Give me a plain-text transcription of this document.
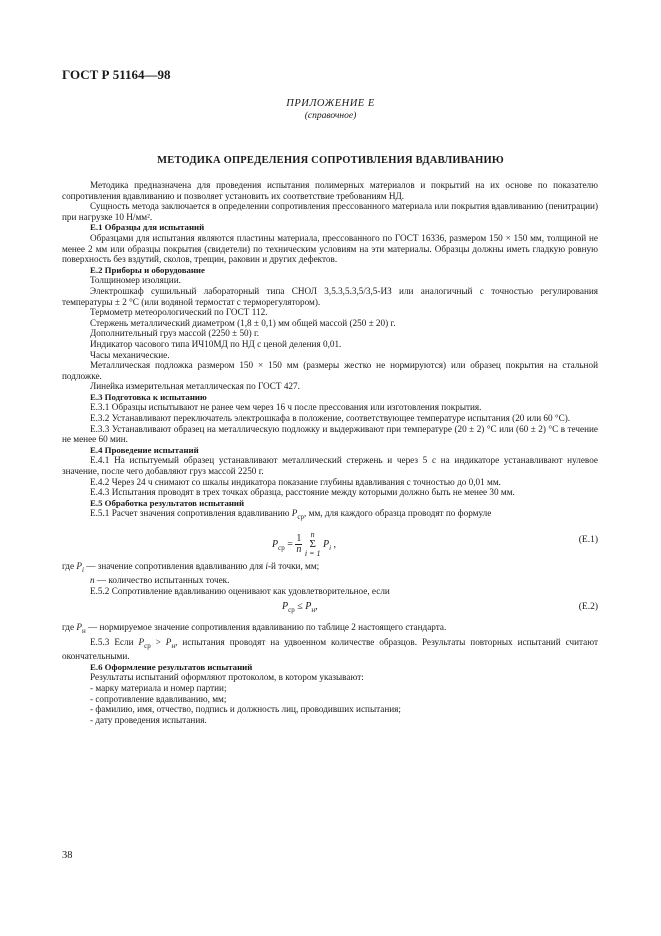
ГОСТ Р 51164—98
ПРИЛОЖЕНИЕ Е
(справочное)
МЕТОДИКА ОПРЕДЕЛЕНИЯ СОПРОТИВЛЕНИЯ ВДАВЛИВАНИЮ

Методика предназначена для проведения испытания полимерных материалов и покрытий на их основе по показателю сопротивления вдавливанию и позволяет установить их соответствие требованиям НД.

Сущность метода заключается в определении сопротивления прессованного материала или покрытия вдавливанию (пенитрации) при нагрузке 10 Н/мм².

Е.1 Образцы для испытаний

Образцами для испытания являются пластины материала, прессованного по ГОСТ 16336, размером 150 × 150 мм, толщиной не менее 2 мм или образцы покрытия (свидетели) по техническим условиям на эти материалы. Образцы должны иметь гладкую ровную поверхность без вздутий, сколов, трещин, раковин и других дефектов.

Е.2 Приборы и оборудование

Толщиномер изоляции.

Электрошкаф сушильный лабораторный типа СНОЛ 3,5.3,5.3,5/3,5-ИЗ или аналогичный с точностью регулирования температуры ± 2 °С (или водяной термостат с терморегулятором).

Термометр метеорологический по ГОСТ 112.

Стержень металлический диаметром (1,8 ± 0,1) мм общей массой (250 ± 20) г.

Дополнительный груз массой (2250 ± 50) г.

Индикатор часового типа ИЧ10МД по НД с ценой деления 0,01.

Часы механические.

Металлическая подложка размером 150 × 150 мм (размеры жестко не нормируются) или образец покрытия на стальной подложке.

Линейка измерительная металлическая по ГОСТ 427.

Е.3 Подготовка к испытанию

Е.3.1 Образцы испытывают не ранее чем через 16 ч после прессования или изготовления покрытия.

Е.3.2 Устанавливают переключатель электрошкафа в положение, соответствующее температуре испытания (20 или 60 °С).

Е.3.3 Устанавливают образец на металлическую подложку и выдерживают при температуре (20 ± 2) °С или (60 ± 2) °С в течение не менее 60 мин.

Е.4 Проведение испытаний

Е.4.1 На испытуемый образец устанавливают металлический стержень и через 5 с на индикаторе устанавливают нулевое значение, после чего добавляют груз массой 2250 г.

Е.4.2 Через 24 ч снимают со шкалы индикатора показание глубины вдавливания с точностью до 0,01 мм.

Е.4.3 Испытания проводят в трех точках образца, расстояние между которыми должно быть не менее 30 мм.

Е.5 Обработка результатов испытаний

Е.5.1 Расчет значения сопротивления вдавливанию $P_{ср}$, мм, для каждого образца проводят по формуле

$P_{ср} = \frac{1}{n}$
	n
Σ
i = 1
$P_i$ ,	(Е.1)

где $P_i$ — значение сопротивления вдавливанию для i-й точки, мм;

n — количество испытанных точек.

Е.5.2 Сопротивление вдавливанию оценивают как удовлетворительное, если

$P_{ср} \le P_н$,	(Е.2)

где $P_н$ — нормируемое значение сопротивления вдавливанию по таблице 2 настоящего стандарта.

Е.5.3 Если $P_{ср} > P_н$, испытания проводят на удвоенном количестве образцов. Результаты повторных испытаний считают окончательными.

Е.6 Оформление результатов испытаний

Результаты испытаний оформляют протоколом, в котором указывают:

- марку материала и номер партии;

- сопротивление вдавливанию, мм;

- фамилию, имя, отчество, подпись и должность лиц, проводивших испытания;

- дату проведения испытания.

38
